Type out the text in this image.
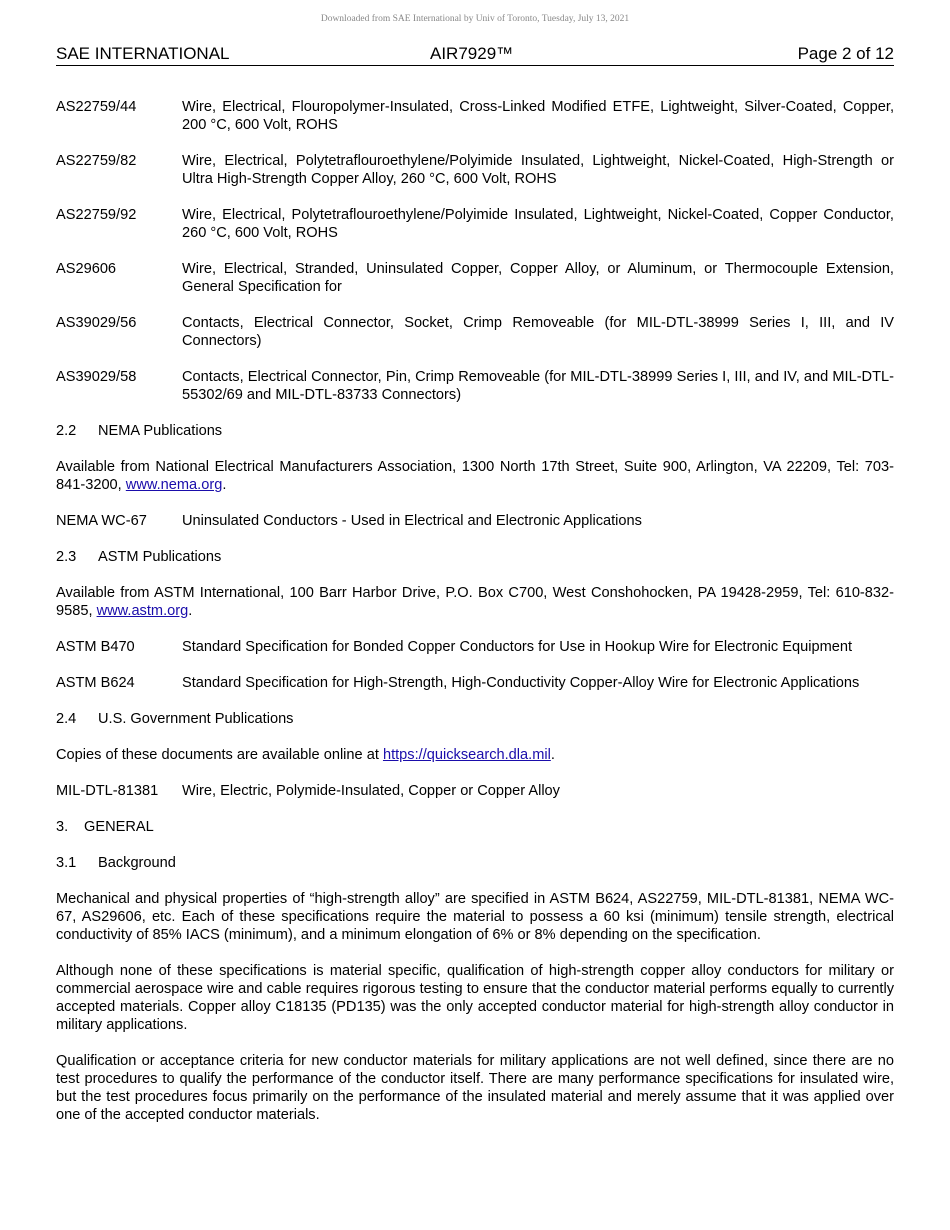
Downloaded from SAE International by Univ of Toronto, Tuesday, July 13, 2021
SAE INTERNATIONAL	AIR7929™	Page 2 of 12
AS22759/44	Wire, Electrical, Flouropolymer-Insulated, Cross-Linked Modified ETFE, Lightweight, Silver-Coated, Copper, 200 °C, 600 Volt, ROHS
AS22759/82	Wire, Electrical, Polytetraflouroethylene/Polyimide Insulated, Lightweight, Nickel-Coated, High-Strength or Ultra High-Strength Copper Alloy, 260 °C, 600 Volt, ROHS
AS22759/92	Wire, Electrical, Polytetraflouroethylene/Polyimide Insulated, Lightweight, Nickel-Coated, Copper Conductor, 260 °C, 600 Volt, ROHS
AS29606	Wire, Electrical, Stranded, Uninsulated Copper, Copper Alloy, or Aluminum, or Thermocouple Extension, General Specification for
AS39029/56	Contacts, Electrical Connector, Socket, Crimp Removeable (for MIL-DTL-38999 Series I, III, and IV Connectors)
AS39029/58	Contacts, Electrical Connector, Pin, Crimp Removeable (for MIL-DTL-38999 Series I, III, and IV, and MIL-DTL-55302/69 and MIL-DTL-83733 Connectors)
2.2 NEMA Publications

Available from National Electrical Manufacturers Association, 1300 North 17th Street, Suite 900, Arlington, VA 22209, Tel: 703-841-3200, www.nema.org.

NEMA WC-67	Uninsulated Conductors - Used in Electrical and Electronic Applications
2.3 ASTM Publications

Available from ASTM International, 100 Barr Harbor Drive, P.O. Box C700, West Conshohocken, PA 19428-2959, Tel: 610-832-9585, www.astm.org.

ASTM B470	Standard Specification for Bonded Copper Conductors for Use in Hookup Wire for Electronic Equipment
ASTM B624	Standard Specification for High-Strength, High-Conductivity Copper-Alloy Wire for Electronic Applications
2.4 U.S. Government Publications

Copies of these documents are available online at https://quicksearch.dla.mil.

MIL-DTL-81381	Wire, Electric, Polymide-Insulated, Copper or Copper Alloy
3. GENERAL
3.1 Background

Mechanical and physical properties of “high-strength alloy” are specified in ASTM B624, AS22759, MIL-DTL-81381, NEMA WC-67, AS29606, etc. Each of these specifications require the material to possess a 60 ksi (minimum) tensile strength, electrical conductivity of 85% IACS (minimum), and a minimum elongation of 6% or 8% depending on the specification.

Although none of these specifications is material specific, qualification of high-strength copper alloy conductors for military or commercial aerospace wire and cable requires rigorous testing to ensure that the conductor material performs equally to currently accepted materials. Copper alloy C18135 (PD135) was the only accepted conductor material for high-strength alloy conductor in military applications.

Qualification or acceptance criteria for new conductor materials for military applications are not well defined, since there are no test procedures to qualify the performance of the conductor itself. There are many performance specifications for insulated wire, but the test procedures focus primarily on the performance of the insulated material and merely assume that it was applied over one of the accepted conductor materials.
